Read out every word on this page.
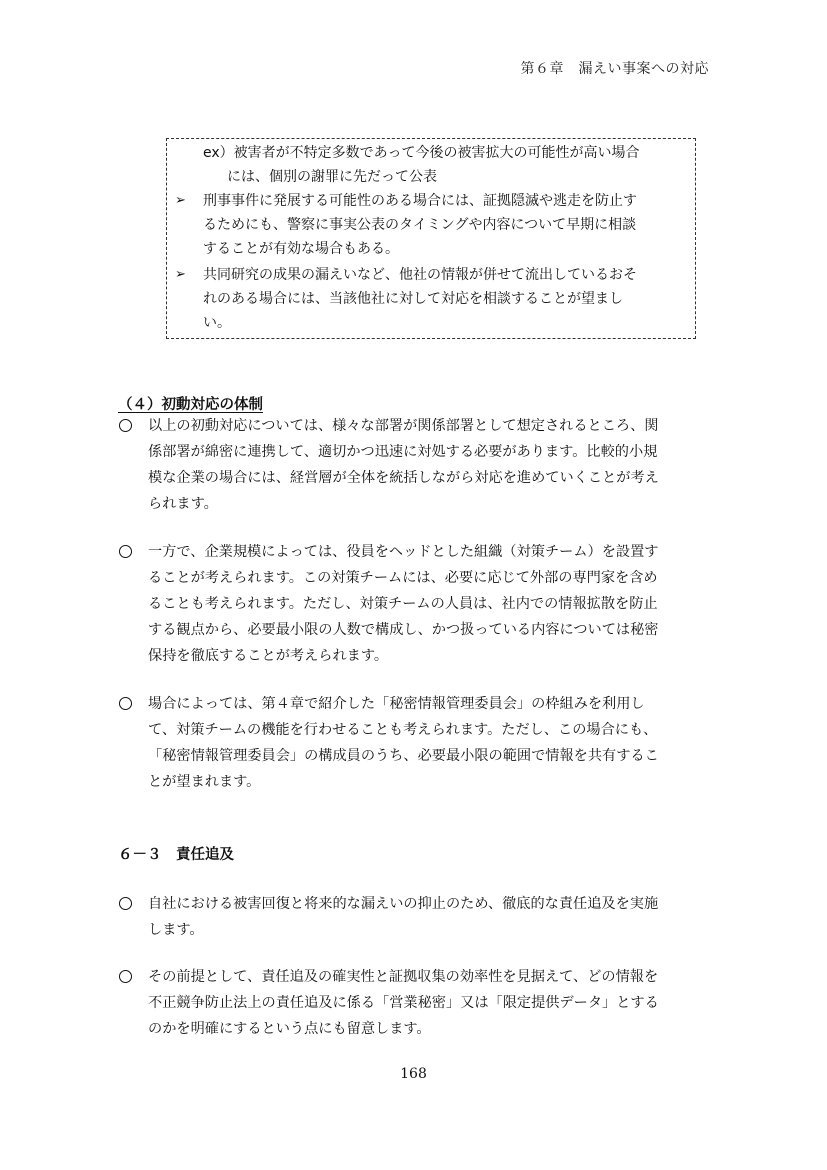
第６章　漏えい事案への対応
ex）被害者が不特定多数であって今後の被害拡大の可能性が高い場合
には、個別の謝罪に先だって公表
➢ 刑事事件に発展する可能性のある場合には、証拠隠滅や逃走を防止す
るためにも、警察に事実公表のタイミングや内容について早期に相談
することが有効な場合もある。
➢ 共同研究の成果の漏えいなど、他社の情報が併せて流出しているおそ
れのある場合には、当該他社に対して対応を相談することが望まし
い。
（４）初動対応の体制
以上の初動対応については、様々な部署が関係部署として想定されるところ、関
係部署が綿密に連携して、適切かつ迅速に対処する必要があります。比較的小規
模な企業の場合には、経営層が全体を統括しながら対応を進めていくことが考え
られます。
一方で、企業規模によっては、役員をヘッドとした組織（対策チーム）を設置す
ることが考えられます。この対策チームには、必要に応じて外部の専門家を含め
ることも考えられます。ただし、対策チームの人員は、社内での情報拡散を防止
する観点から、必要最小限の人数で構成し、かつ扱っている内容については秘密
保持を徹底することが考えられます。
場合によっては、第４章で紹介した「秘密情報管理委員会」の枠組みを利用し
て、対策チームの機能を行わせることも考えられます。ただし、この場合にも、
「秘密情報管理委員会」の構成員のうち、必要最小限の範囲で情報を共有するこ
とが望まれます。
６－３　責任追及
自社における被害回復と将来的な漏えいの抑止のため、徹底的な責任追及を実施
します。
その前提として、責任追及の確実性と証拠収集の効率性を見据えて、どの情報を
不正競争防止法上の責任追及に係る「営業秘密」又は「限定提供データ」とする
のかを明確にするという点にも留意します。
168
